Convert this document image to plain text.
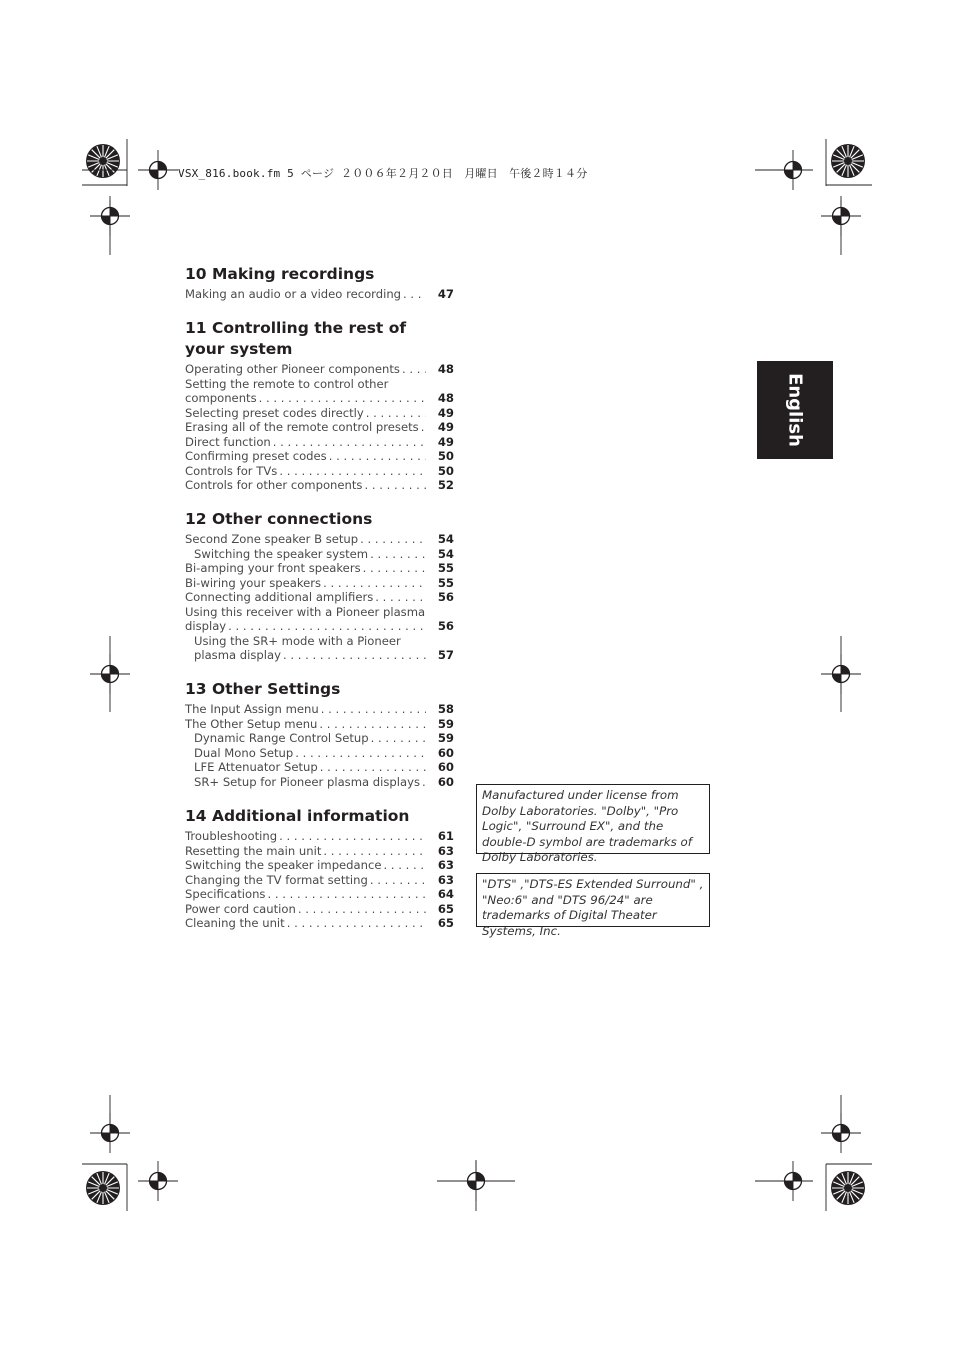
VSX_816.book.fm 5 ページ ２００６年２月２０日　月曜日　午後２時１４分
English
10 Making recordings
Making an audio or a video recording . . .	47
11 Controlling the rest of your system
Operating other Pioneer components . . .	48
Setting the remote to control other
components . . .	48
Selecting preset codes directly . . .	49
Erasing all of the remote control presets . . .	49
Direct function . . .	49
Confirming preset codes . . .	50
Controls for TVs . . .	50
Controls for other components . . .	52
12 Other connections
Second Zone speaker B setup . . .	54
Switching the speaker system . . .	54
Bi-amping your front speakers . . .	55
Bi-wiring your speakers . . .	55
Connecting additional amplifiers . . .	56
Using this receiver with a Pioneer plasma
display . . .	56
Using the SR+ mode with a Pioneer
plasma display . . .	57
13 Other Settings
The Input Assign menu . . .	58
The Other Setup menu . . .	59
Dynamic Range Control Setup . . .	59
Dual Mono Setup . . .	60
LFE Attenuator Setup . . .	60
SR+ Setup for Pioneer plasma displays . . .	60
14 Additional information
Troubleshooting . . .	61
Resetting the main unit . . .	63
Switching the speaker impedance . . .	63
Changing the TV format setting . . .	63
Specifications . . .	64
Power cord caution . . .	65
Cleaning the unit . . .	65
Manufactured under license from Dolby Laboratories. "Dolby", "Pro Logic", "Surround EX", and the double-D symbol are trademarks of Dolby Laboratories.
"DTS" ,"DTS-ES Extended Surround" , "Neo:6" and "DTS 96/24" are trademarks of Digital Theater Systems, Inc.
